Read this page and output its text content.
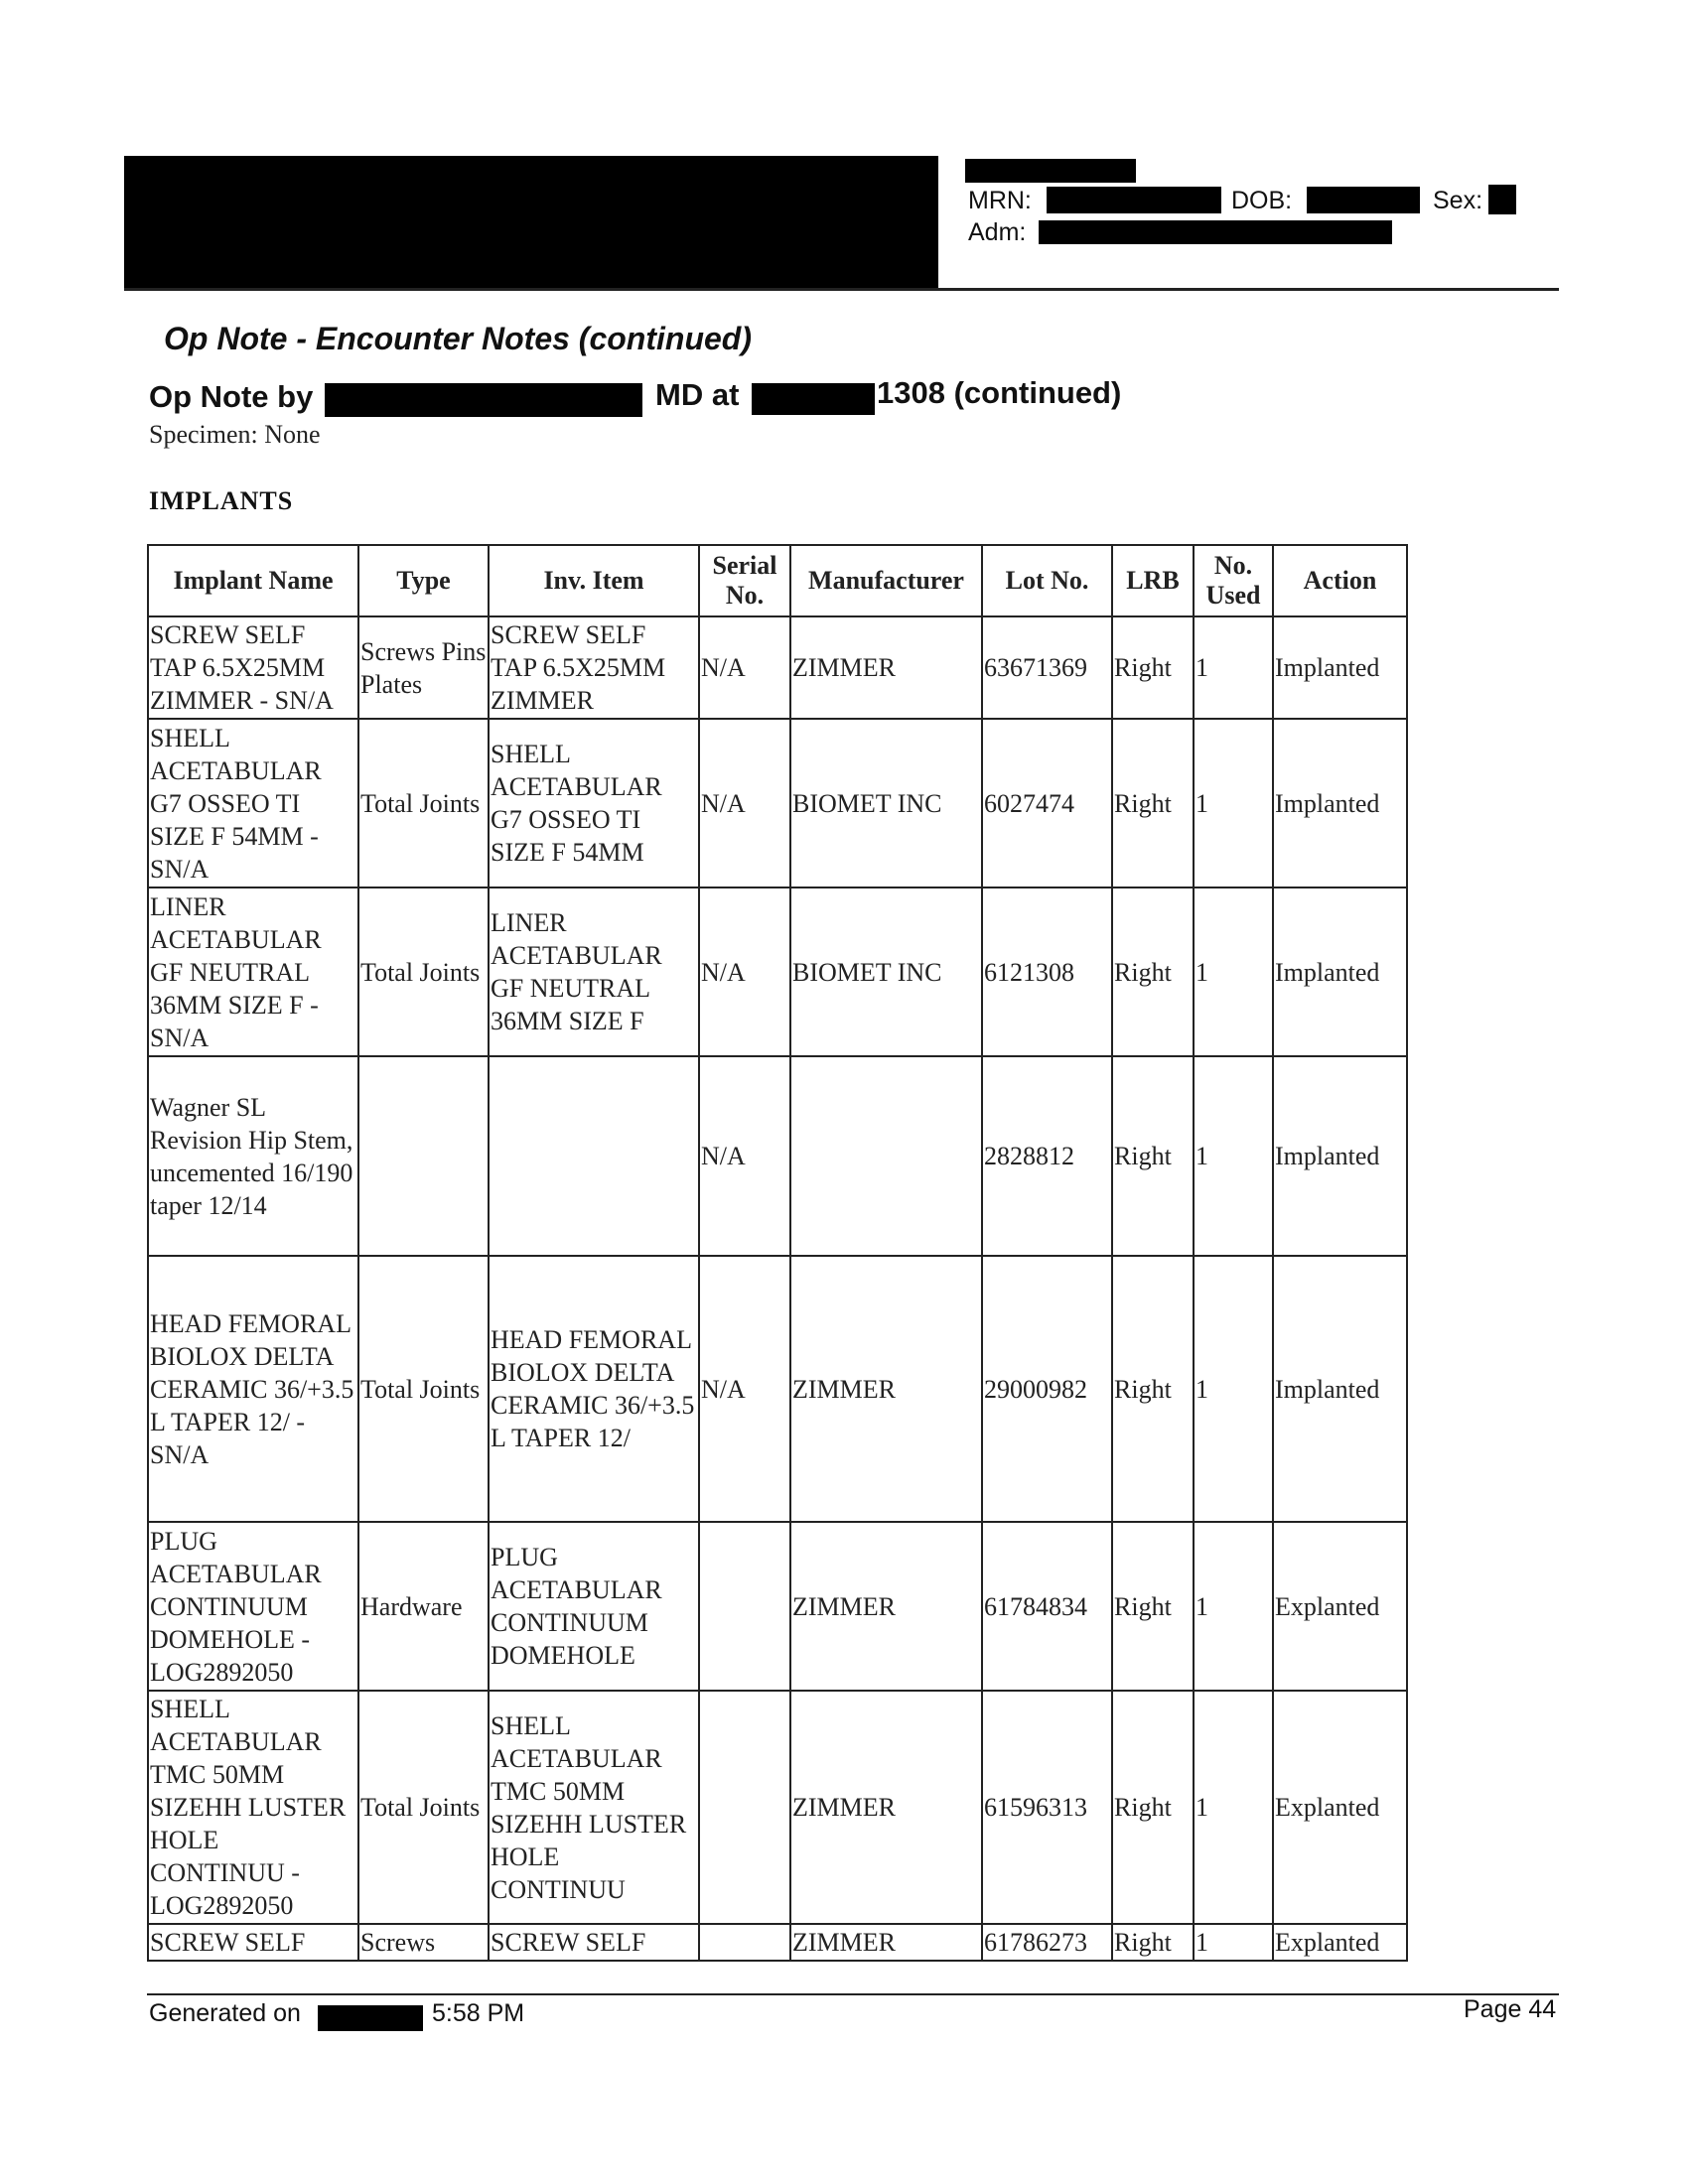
MRN:	DOB:	Sex:
Adm:
Op Note - Encounter Notes (continued)
Op Note by	MD at	1308 (continued)
Specimen: None
IMPLANTS
Implant Name	Type	Inv. Item	Serial No.	Manufacturer	Lot No.	LRB	No. Used	Action
SCREW SELF TAP 6.5X25MM ZIMMER - SN/A	Screws Pins Plates	SCREW SELF TAP 6.5X25MM ZIMMER	N/A	ZIMMER	63671369	Right	1	Implanted
SHELL ACETABULAR G7 OSSEO TI SIZE F 54MM - SN/A	Total Joints	SHELL ACETABULAR G7 OSSEO TI SIZE F 54MM	N/A	BIOMET INC	6027474	Right	1	Implanted
LINER ACETABULAR GF NEUTRAL 36MM SIZE F - SN/A	Total Joints	LINER ACETABULAR GF NEUTRAL 36MM SIZE F	N/A	BIOMET INC	6121308	Right	1	Implanted
Wagner SL Revision Hip Stem, uncemented 16/190 taper 12/14			N/A		2828812	Right	1	Implanted
HEAD FEMORAL BIOLOX DELTA CERAMIC 36/+3.5 L TAPER 12/ - SN/A	Total Joints	HEAD FEMORAL BIOLOX DELTA CERAMIC 36/+3.5 L TAPER 12/	N/A	ZIMMER	29000982	Right	1	Implanted
PLUG ACETABULAR CONTINUUM DOMEHOLE - LOG2892050	Hardware	PLUG ACETABULAR CONTINUUM DOMEHOLE		ZIMMER	61784834	Right	1	Explanted
SHELL ACETABULAR TMC 50MM SIZEHH LUSTER HOLE CONTINUU - LOG2892050	Total Joints	SHELL ACETABULAR TMC 50MM SIZEHH LUSTER HOLE CONTINUU		ZIMMER	61596313	Right	1	Explanted
SCREW SELF	Screws	SCREW SELF		ZIMMER	61786273	Right	1	Explanted
Generated on	5:58 PM	Page 44
